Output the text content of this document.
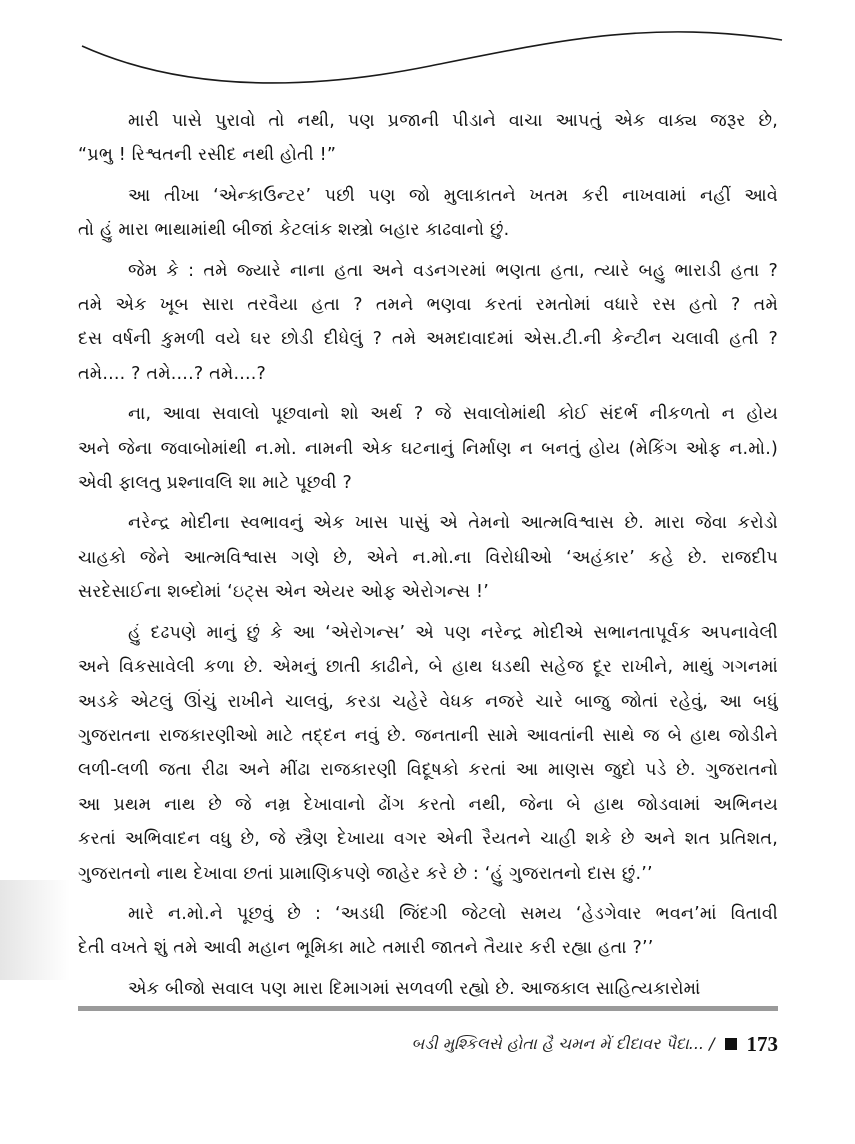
મારી પાસે પુરાવો તો નથી, પણ પ્રજાની પીડાને વાચા આપતું એક વાક્ય જરૂર છે,
“પ્રભુ ! રિશ્વતની રસીદ નથી હોતી !”

આ તીખા ‘એન્કાઉન્ટર’ પછી પણ જો મુલાકાતને ખતમ કરી નાખવામાં નહીં આવે
તો હું મારા ભાથામાંથી બીજાં કેટલાંક શસ્ત્રો બહાર કાઢવાનો છું.

જેમ કે : તમે જ્યારે નાના હતા અને વડનગરમાં ભણતા હતા, ત્યારે બહુ ભારાડી હતા ?
તમે એક ખૂબ સારા તરવૈયા હતા ? તમને ભણવા કરતાં રમતોમાં વધારે રસ હતો ? તમે
દસ વર્ષની કુમળી વયે ઘર છોડી દીધેલું ? તમે અમદાવાદમાં એસ.ટી.ની કેન્ટીન ચલાવી હતી ?
તમે.... ? તમે....? તમે....?

ના, આવા સવાલો પૂછવાનો શો અર્થ ? જે સવાલોમાંથી કોઈ સંદર્ભ નીકળતો ન હોય
અને જેના જવાબોમાંથી ન.મો. નામની એક ઘટનાનું નિર્માણ ન બનતું હોય (મેકિંગ ઓફ ન.મો.)
એવી ફાલતુ પ્રશ્નાવલિ શા માટે પૂછવી ?

નરેન્દ્ર મોદીના સ્વભાવનું એક ખાસ પાસું એ તેમનો આત્મવિશ્વાસ છે. મારા જેવા કરોડો
ચાહકો જેને આત્મવિશ્વાસ ગણે છે, એને ન.મો.ના વિરોધીઓ ‘અહંકાર’ કહે છે. રાજદીપ
સરદેસાઈના શબ્દોમાં ‘ઇટ્સ એન એયર ઓફ એરોગન્સ !’

હું દઢપણે માનું છું કે આ ‘એરોગન્સ’ એ પણ નરેન્દ્ર મોદીએ સભાનતાપૂર્વક અપનાવેલી
અને વિકસાવેલી કળા છે. એમનું છાતી કાઢીને, બે હાથ ધડથી સહેજ દૂર રાખીને, માથું ગગનમાં
અડકે એટલું ઊંચું રાખીને ચાલવું, કરડા ચહેરે વેધક નજરે ચારે બાજુ જોતાં રહેવું, આ બધું
ગુજરાતના રાજકારણીઓ માટે તદ્દન નવું છે. જનતાની સામે આવતાંની સાથે જ બે હાથ જોડીને
લળી-લળી જતા રીઢા અને મીંઢા રાજકારણી વિદૂષકો કરતાં આ માણસ જુદો પડે છે. ગુજરાતનો
આ પ્રથમ નાથ છે જે નમ્ર દેખાવાનો ઢોંગ કરતો નથી, જેના બે હાથ જોડવામાં અભિનય
કરતાં અભિવાદન વધુ છે, જે સ્ત્રૈણ દેખાયા વગર એની રૈયતને ચાહી શકે છે અને શત પ્રતિશત,
ગુજરાતનો નાથ દેખાવા છતાં પ્રામાણિકપણે જાહેર કરે છે : ‘હું ગુજરાતનો દાસ છું.’’

મારે ન.મો.ને પૂછવું છે : ‘અડધી જિંદગી જેટલો સમય ‘હેડગેવાર ભવન’માં વિતાવી
દેતી વખતે શું તમે આવી મહાન ભૂમિકા માટે તમારી જાતને તૈયાર કરી રહ્યા હતા ?’’

એક બીજો સવાલ પણ મારા દિમાગમાં સળવળી રહ્યો છે. આજકાલ સાહિત્યકારોમાં

બડી મુશ્કિલસે હોતા હૈ ચમન મેં દીદાવર પૈદા... / 173
